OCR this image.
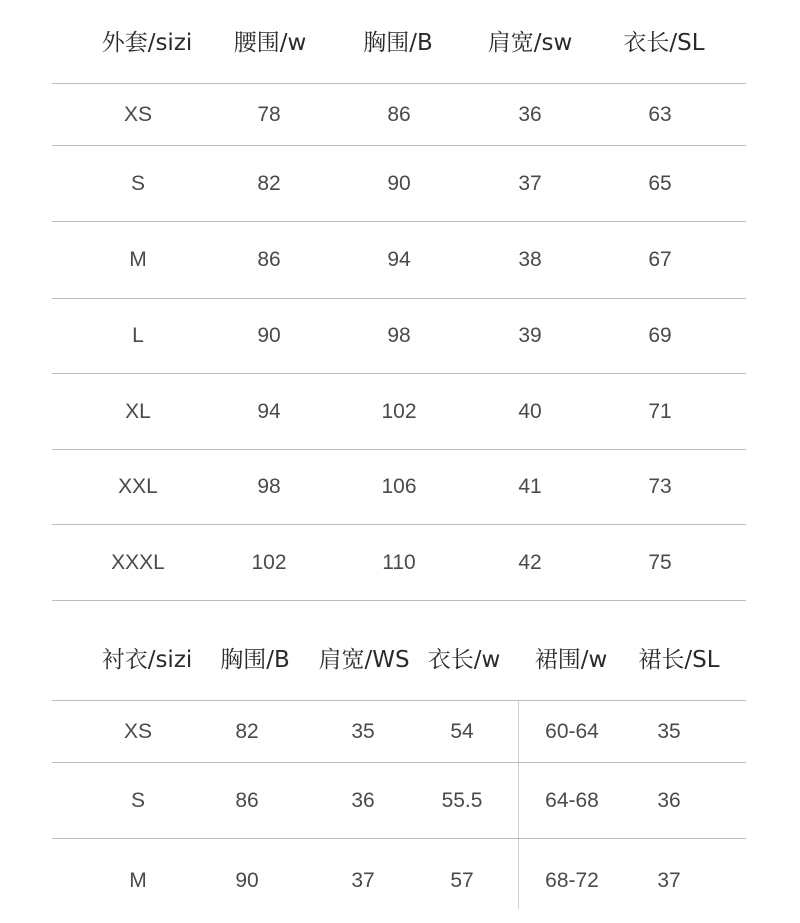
外套/sizi 腰围/w 胸围/B 肩宽/sw 衣长/SL
XS	78	86	36	63
S	82	90	37	65
M	86	94	38	67
L	90	98	39	69
XL	94	102	40	71
XXL	98	106	41	73
XXXL	102	110	42	75
衬衣/sizi 胸围/B 肩宽/WS 衣长/w 裙围/w 裙长/SL
XS	82	35	54	60-64	35
S	86	36	55.5	64-68	36
M	90	37	57	68-72	37
